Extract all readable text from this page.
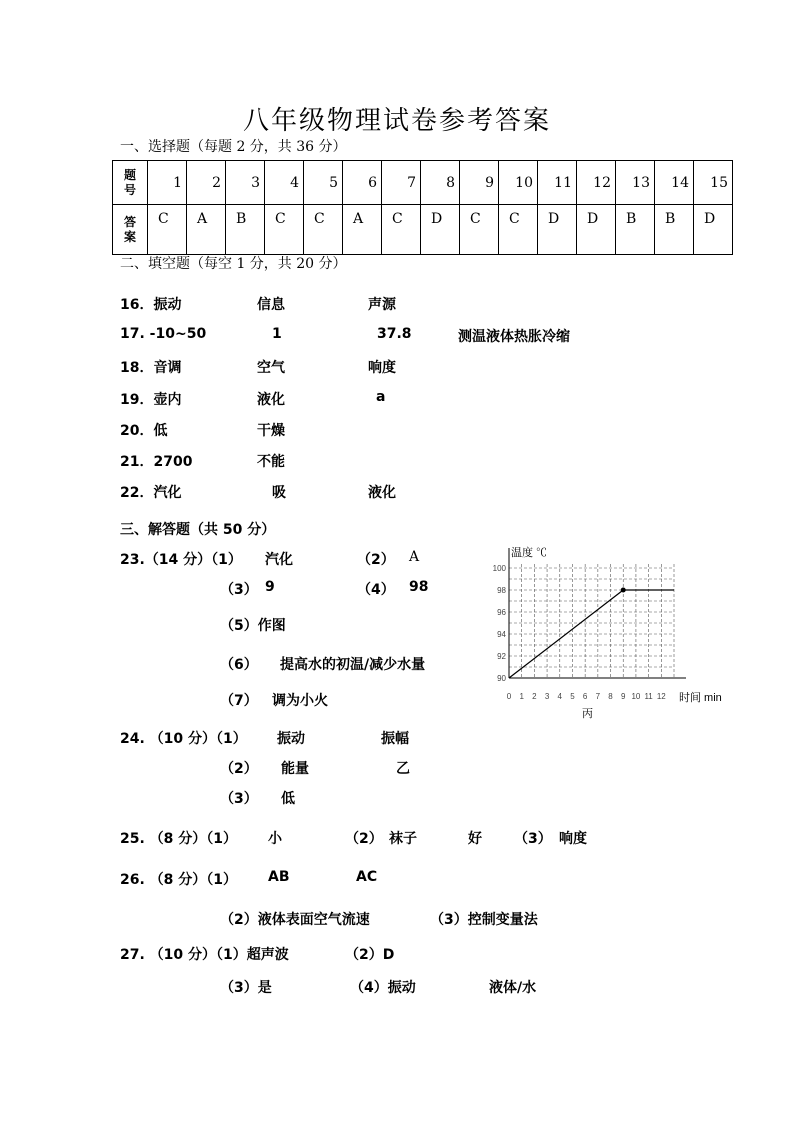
八年级物理试卷参考答案
一、选择题（每题 2 分，共 36 分）
题
号	1	2	3	4	5	6	7	8	9	10	11	12	13	14	15

答
案	C	A	B	C	C	A	C	D	C	C	D	D	B	B	D
二、填空题（每空 1 分，共 20 分）
16．振动	信息	声源
17. -10~50	1	37.8	测温液体热胀冷缩
18．音调	空气	响度
19．壶内	液化	a
20．低	干燥
21．2700	不能
22．汽化	吸	液化
三、解答题（共 50 分）
23.（14 分）（1） 汽化	（2） A
（3） 9	（4） 98
（5）作图
（6） 提高水的初温/减少水量
（7） 调为小火
90
92
94
96
98
100
0 1 2 3 4 5 6 7 8 9 10 11 12
温度 ℃
时间 min
丙
24. （10 分）（1） 振动	振幅
（2） 能量	乙
（3） 低
25. （8 分）（1） 小	（2） 袜子	好 （3） 响度
26. （8 分）（1） AB	AC
（2）液体表面空气流速	（3）控制变量法
27. （10 分）（1）超声波	（2）D
（3）是	（4）振动	液体/水
